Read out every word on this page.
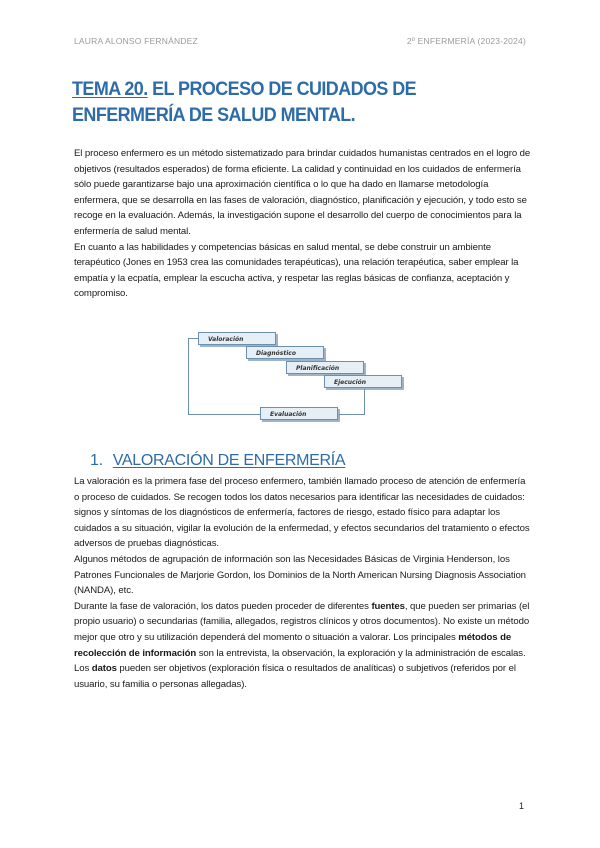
LAURA ALONSO FERNÁNDEZ	2º ENFERMERÍA (2023-2024)
TEMA 20. EL PROCESO DE CUIDADOS DE ENFERMERÍA DE SALUD MENTAL.

El proceso enfermero es un método sistematizado para brindar cuidados humanistas centrados en el logro de objetivos (resultados esperados) de forma eficiente. La calidad y continuidad en los cuidados de enfermería sólo puede garantizarse bajo una aproximación científica o lo que ha dado en llamarse metodología enfermera, que se desarrolla en las fases de valoración, diagnóstico, planificación y ejecución, y todo esto se recoge en la evaluación. Además, la investigación supone el desarrollo del cuerpo de conocimientos para la enfermería de salud mental.

En cuanto a las habilidades y competencias básicas en salud mental, se debe construir un ambiente terapéutico (Jones en 1953 crea las comunidades terapéuticas), una relación terapéutica, saber emplear la empatía y la ecpatía, emplear la escucha activa, y respetar las reglas básicas de confianza, aceptación y compromiso.

Valoración
Diagnóstico
Planificación
Ejecución
Evaluación
1. VALORACIÓN DE ENFERMERÍA

La valoración es la primera fase del proceso enfermero, también llamado proceso de atención de enfermería o proceso de cuidados. Se recogen todos los datos necesarios para identificar las necesidades de cuidados: signos y síntomas de los diagnósticos de enfermería, factores de riesgo, estado físico para adaptar los cuidados a su situación, vigilar la evolución de la enfermedad, y efectos secundarios del tratamiento o efectos adversos de pruebas diagnósticas.

Algunos métodos de agrupación de información son las Necesidades Básicas de Virginia Henderson, los Patrones Funcionales de Marjorie Gordon, los Dominios de la North American Nursing Diagnosis Association (NANDA), etc.

Durante la fase de valoración, los datos pueden proceder de diferentes fuentes, que pueden ser primarias (el propio usuario) o secundarias (familia, allegados, registros clínicos y otros documentos). No existe un método mejor que otro y su utilización dependerá del momento o situación a valorar. Los principales métodos de recolección de información son la entrevista, la observación, la exploración y la administración de escalas.

Los datos pueden ser objetivos (exploración física o resultados de analíticas) o subjetivos (referidos por el usuario, su familia o personas allegadas).

1
